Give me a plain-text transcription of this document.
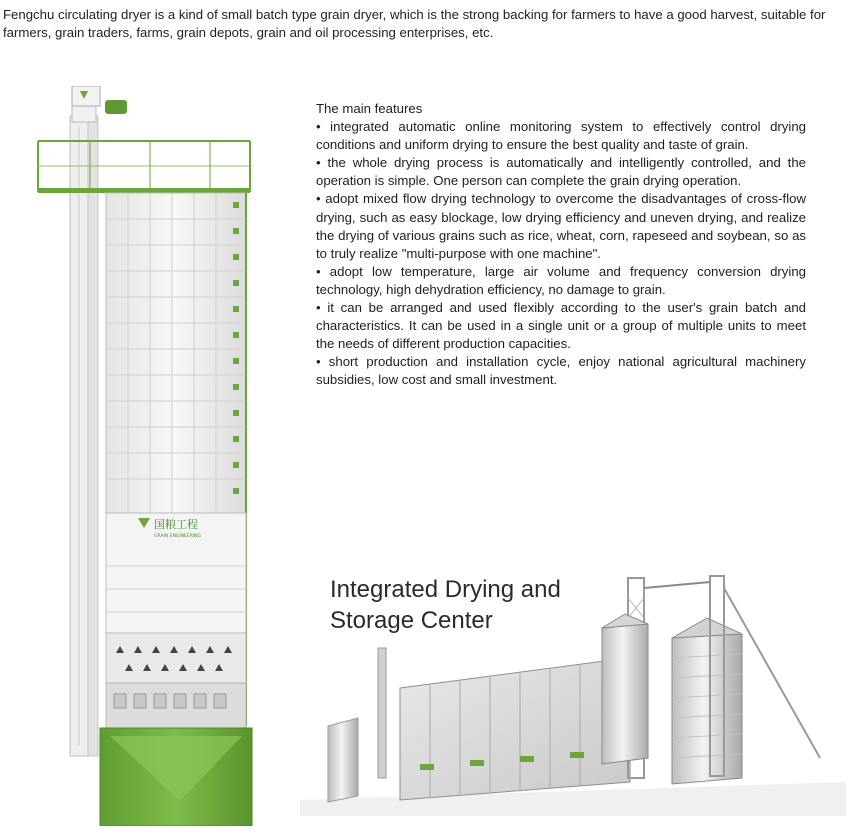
Fengchu circulating dryer is a kind of small batch type grain dryer, which is the strong backing for farmers to have a good harvest, suitable for farmers, grain traders, farms, grain depots, grain and oil processing enterprises, etc.
国粮工程
GRAIN ENGINEERING
The main features
• integrated automatic online monitoring system to effectively control drying conditions and uniform drying to ensure the best quality and taste of grain.
• the whole drying process is automatically and intelligently controlled, and the operation is simple. One person can complete the grain drying operation.
• adopt mixed flow drying technology to overcome the disadvantages of cross-flow drying, such as easy blockage, low drying efficiency and uneven drying, and realize the drying of various grains such as rice, wheat, corn, rapeseed and soybean, so as to truly realize "multi-purpose with one machine".
• adopt low temperature, large air volume and frequency conversion drying technology, high dehydration efficiency, no damage to grain.
• it can be arranged and used flexibly according to the user's grain batch and characteristics. It can be used in a single unit or a group of multiple units to meet the needs of different production capacities.
• short production and installation cycle, enjoy national agricultural machinery subsidies, low cost and small investment.
Integrated Drying and
Storage Center
